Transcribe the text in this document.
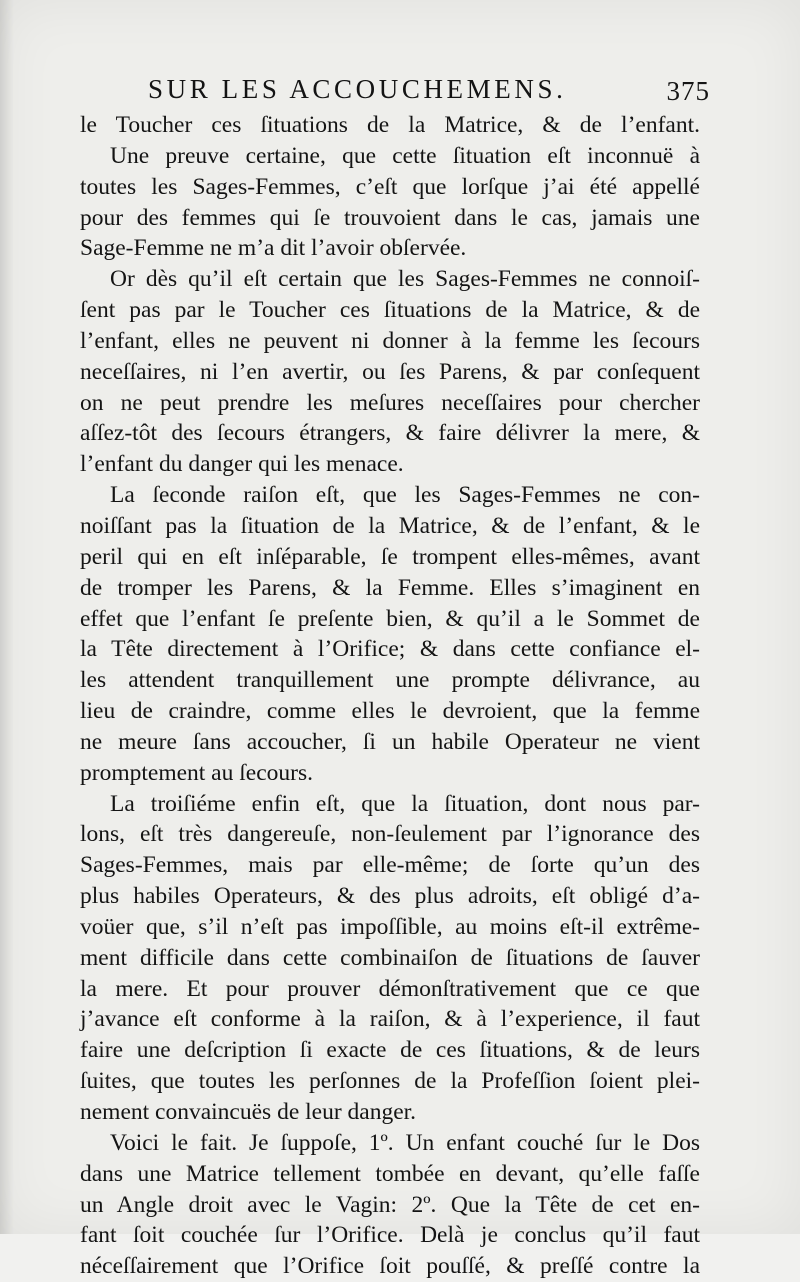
SUR LES ACCOUCHEMENS.	375
le Toucher ces ſituations de la Matrice, & de l’enfant.
Une preuve certaine, que cette ſituation eſt inconnuë à
toutes les Sages-Femmes, c’eſt que lorſque j’ai été appellé
pour des femmes qui ſe trouvoient dans le cas, jamais une
Sage-Femme ne m’a dit l’avoir obſervée.
Or dès qu’il eſt certain que les Sages-Femmes ne connoiſ-
ſent pas par le Toucher ces ſituations de la Matrice, & de
l’enfant, elles ne peuvent ni donner à la femme les ſecours
neceſſaires, ni l’en avertir, ou ſes Parens, & par conſequent
on ne peut prendre les meſures neceſſaires pour chercher
aſſez-tôt des ſecours étrangers, & faire délivrer la mere, &
l’enfant du danger qui les menace.
La ſeconde raiſon eſt, que les Sages-Femmes ne con-
noiſſant pas la ſituation de la Matrice, & de l’enfant, & le
peril qui en eſt inſéparable, ſe trompent elles-mêmes, avant
de tromper les Parens, & la Femme. Elles s’imaginent en
effet que l’enfant ſe preſente bien, & qu’il a le Sommet de
la Tête directement à l’Orifice; & dans cette confiance el-
les attendent tranquillement une prompte délivrance, au
lieu de craindre, comme elles le devroient, que la femme
ne meure ſans accoucher, ſi un habile Operateur ne vient
promptement au ſecours.
La troiſiéme enfin eſt, que la ſituation, dont nous par-
lons, eſt très dangereuſe, non-ſeulement par l’ignorance des
Sages-Femmes, mais par elle-même; de ſorte qu’un des
plus habiles Operateurs, & des plus adroits, eſt obligé d’a-
voüer que, s’il n’eſt pas impoſſible, au moins eſt-il extrême-
ment difficile dans cette combinaiſon de ſituations de ſauver
la mere. Et pour prouver démonſtrativement que ce que
j’avance eſt conforme à la raiſon, & à l’experience, il faut
faire une deſcription ſi exacte de ces ſituations, & de leurs
ſuites, que toutes les perſonnes de la Profeſſion ſoient plei-
nement convaincuës de leur danger.
Voici le fait. Je ſuppoſe, 1º. Un enfant couché ſur le Dos
dans une Matrice tellement tombée en devant, qu’elle faſſe
un Angle droit avec le Vagin: 2º. Que la Tête de cet en-
fant ſoit couchée ſur l’Orifice. Delà je conclus qu’il faut
néceſſairement que l’Orifice ſoit pouſſé, & preſſé contre la
